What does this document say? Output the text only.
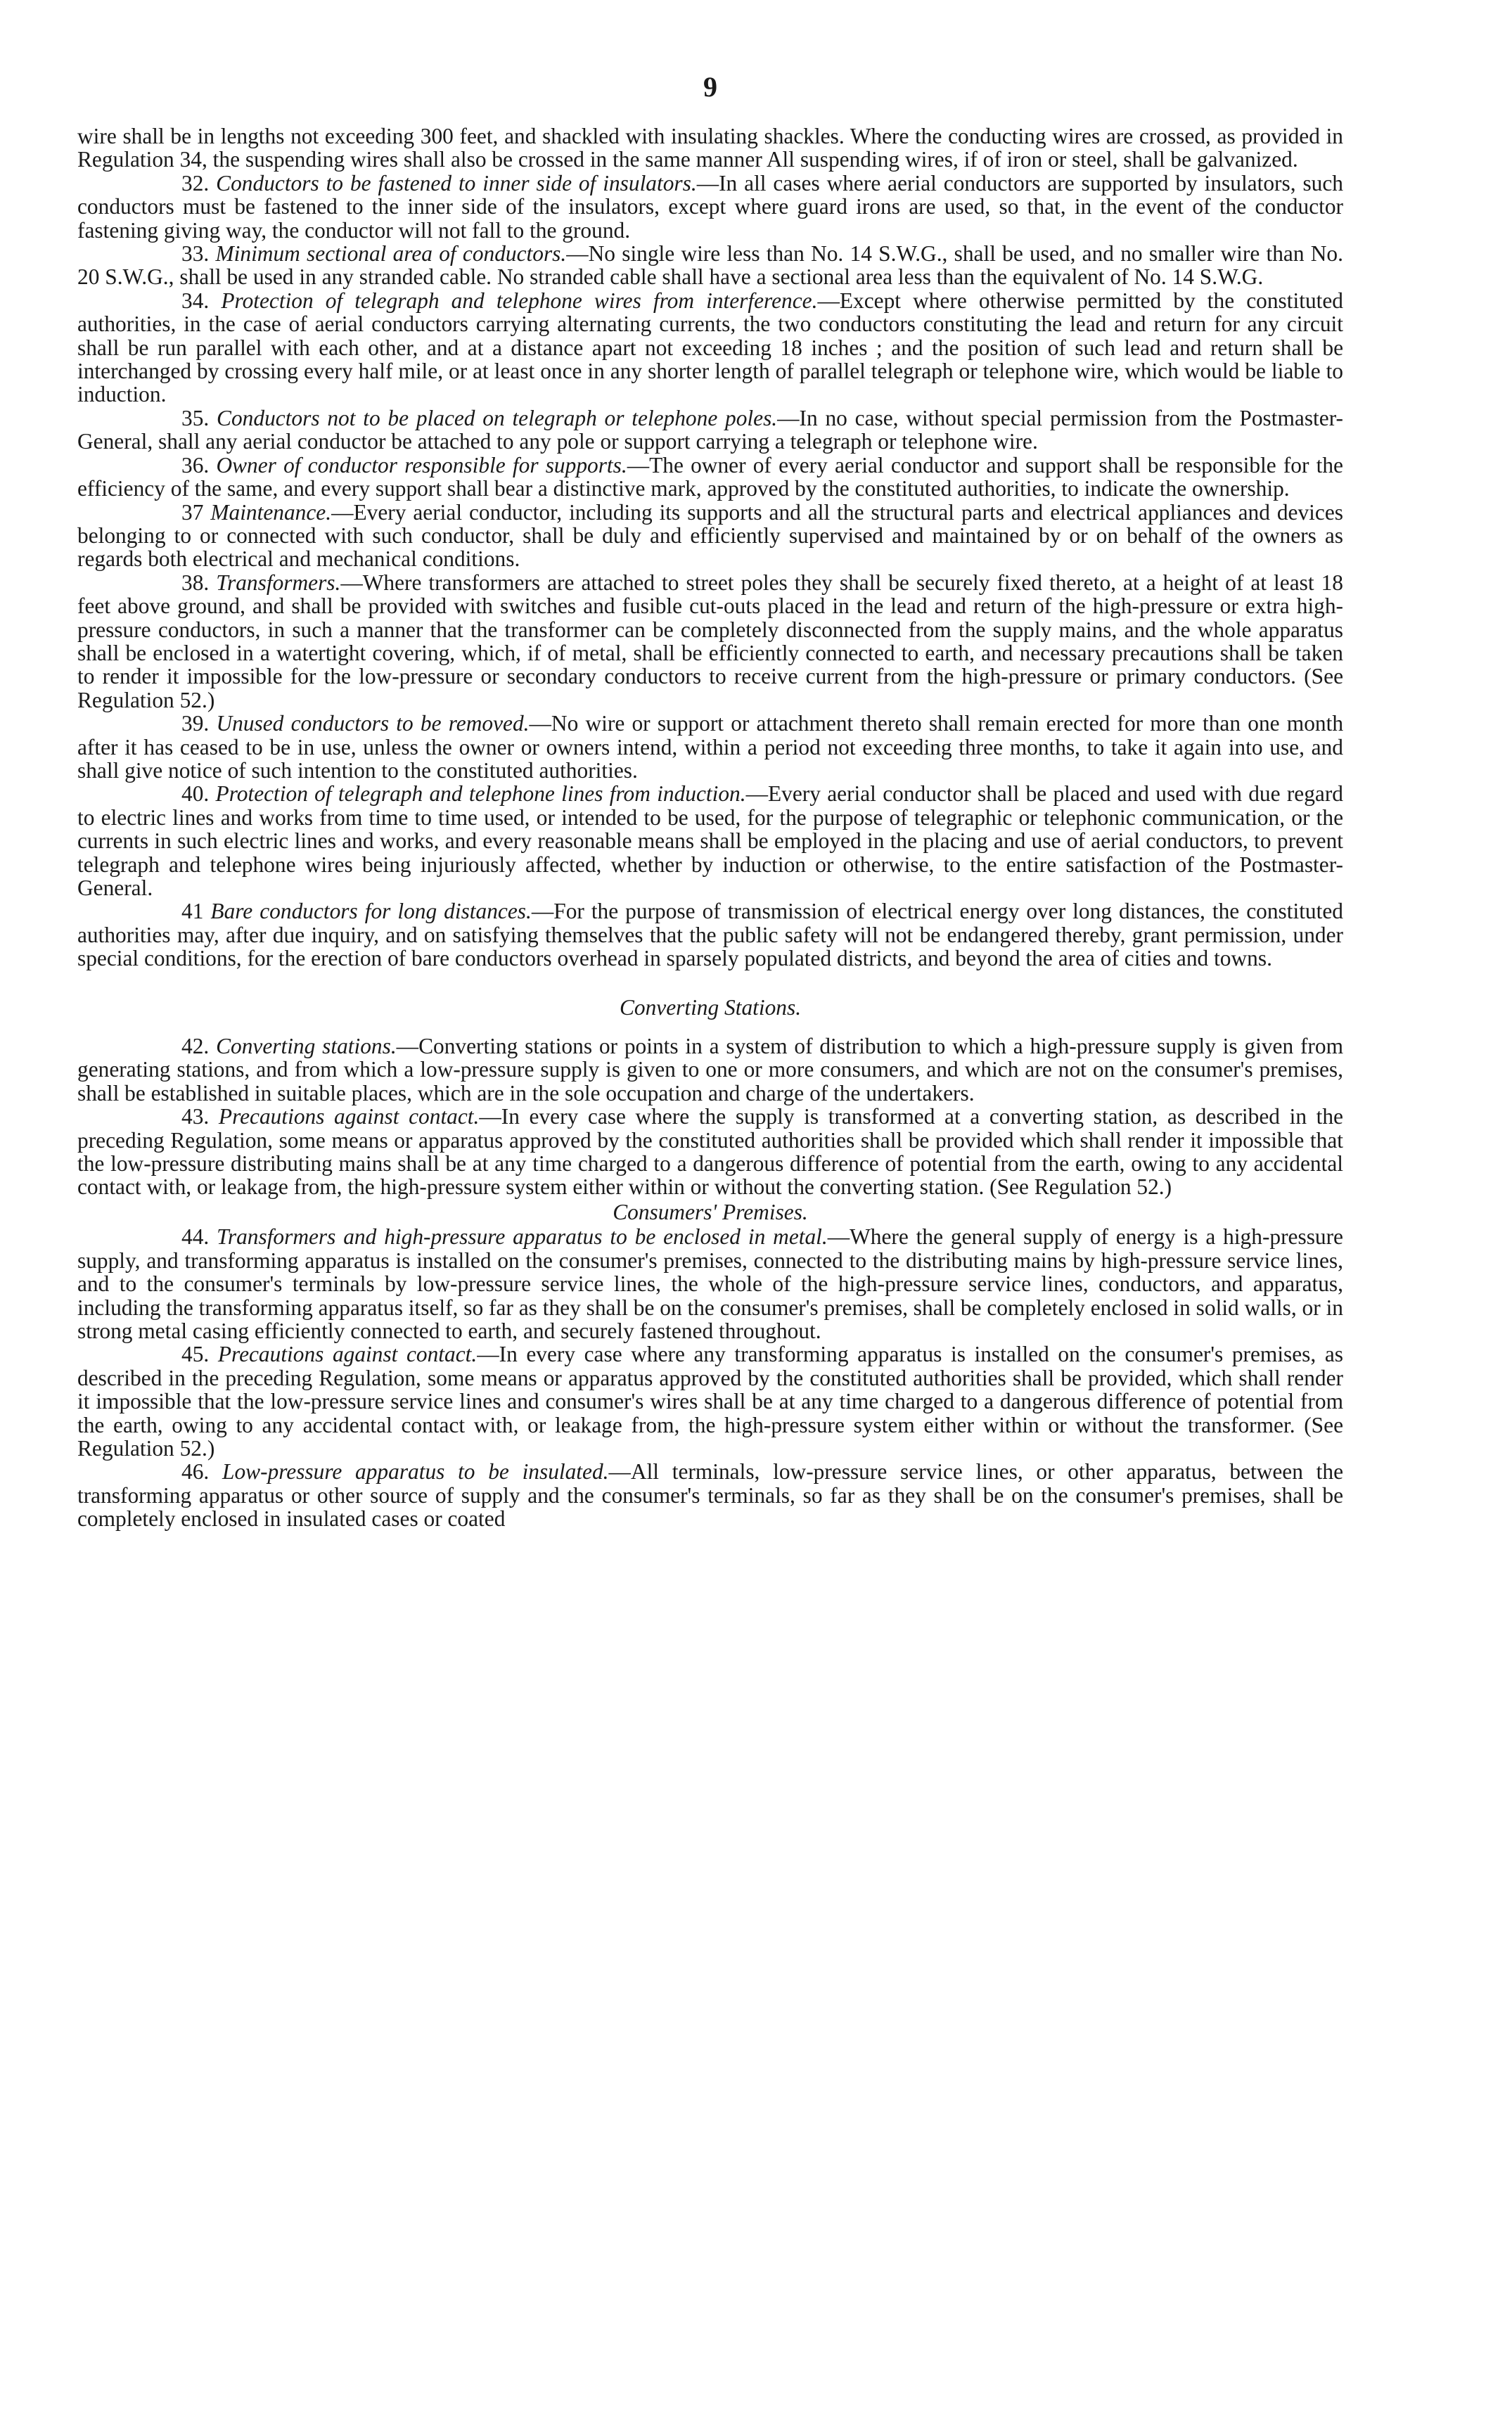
9

wire shall be in lengths not exceeding 300 feet, and shackled with insulating shackles. Where the conducting wires are crossed, as provided in Regulation 34, the suspending wires shall also be crossed in the same manner All suspending wires, if of iron or steel, shall be galvanized.

32. Conductors to be fastened to inner side of insulators.—In all cases where aerial conductors are supported by insulators, such conductors must be fastened to the inner side of the insulators, except where guard irons are used, so that, in the event of the conductor fastening giving way, the conductor will not fall to the ground.

33. Minimum sectional area of conductors.—No single wire less than No. 14 S.W.G., shall be used, and no smaller wire than No. 20 S.W.G., shall be used in any stranded cable. No stranded cable shall have a sectional area less than the equivalent of No. 14 S.W.G.

34. Protection of telegraph and telephone wires from interference.—Except where otherwise permitted by the constituted authorities, in the case of aerial conductors carrying alternating currents, the two conductors constituting the lead and return for any circuit shall be run parallel with each other, and at a distance apart not exceeding 18 inches ; and the position of such lead and return shall be interchanged by crossing every half mile, or at least once in any shorter length of parallel telegraph or telephone wire, which would be liable to induction.

35. Conductors not to be placed on telegraph or telephone poles.—In no case, without special permission from the Postmaster-General, shall any aerial conductor be attached to any pole or support carrying a telegraph or telephone wire.

36. Owner of conductor responsible for supports.—The owner of every aerial conductor and support shall be responsible for the efficiency of the same, and every support shall bear a distinctive mark, approved by the constituted authorities, to indicate the ownership.

37 Maintenance.—Every aerial conductor, including its supports and all the structural parts and electrical appliances and devices belonging to or connected with such conductor, shall be duly and efficiently supervised and maintained by or on behalf of the owners as regards both electrical and mechanical conditions.

38. Transformers.—Where transformers are attached to street poles they shall be securely fixed thereto, at a height of at least 18 feet above ground, and shall be provided with switches and fusible cut-outs placed in the lead and return of the high-pressure or extra high-pressure conductors, in such a manner that the transformer can be completely disconnected from the supply mains, and the whole apparatus shall be enclosed in a watertight covering, which, if of metal, shall be efficiently connected to earth, and necessary precautions shall be taken to render it impossible for the low-pressure or secondary conductors to receive current from the high-pressure or primary conductors. (See Regulation 52.)

39. Unused conductors to be removed.—No wire or support or attachment thereto shall remain erected for more than one month after it has ceased to be in use, unless the owner or owners intend, within a period not exceeding three months, to take it again into use, and shall give notice of such intention to the constituted authorities.

40. Protection of telegraph and telephone lines from induction.—Every aerial conductor shall be placed and used with due regard to electric lines and works from time to time used, or intended to be used, for the purpose of telegraphic or telephonic communication, or the currents in such electric lines and works, and every reasonable means shall be employed in the placing and use of aerial conductors, to prevent telegraph and telephone wires being injuriously affected, whether by induction or otherwise, to the entire satisfaction of the Postmaster-General.

41 Bare conductors for long distances.—For the purpose of transmission of electrical energy over long distances, the constituted authorities may, after due inquiry, and on satisfying themselves that the public safety will not be endangered thereby, grant permission, under special conditions, for the erection of bare conductors overhead in sparsely populated districts, and beyond the area of cities and towns.

Converting Stations.

42. Converting stations.—Converting stations or points in a system of distribution to which a high-pressure supply is given from generating stations, and from which a low-pressure supply is given to one or more consumers, and which are not on the consumer's premises, shall be established in suitable places, which are in the sole occupation and charge of the undertakers.

43. Precautions against contact.—In every case where the supply is transformed at a converting station, as described in the preceding Regulation, some means or apparatus approved by the constituted authorities shall be provided which shall render it impossible that the low-pressure distributing mains shall be at any time charged to a dangerous difference of potential from the earth, owing to any accidental contact with, or leakage from, the high-pressure system either within or without the converting station. (See Regulation 52.)

Consumers' Premises.

44. Transformers and high-pressure apparatus to be enclosed in metal.—Where the general supply of energy is a high-pressure supply, and transforming apparatus is installed on the consumer's premises, connected to the distributing mains by high-pressure service lines, and to the consumer's terminals by low-pressure service lines, the whole of the high-pressure service lines, conductors, and apparatus, including the transforming apparatus itself, so far as they shall be on the consumer's premises, shall be completely enclosed in solid walls, or in strong metal casing efficiently connected to earth, and securely fastened throughout.

45. Precautions against contact.—In every case where any transforming apparatus is installed on the consumer's premises, as described in the preceding Regulation, some means or apparatus approved by the constituted authorities shall be provided, which shall render it impossible that the low-pressure service lines and consumer's wires shall be at any time charged to a dangerous difference of potential from the earth, owing to any accidental contact with, or leakage from, the high-pressure system either within or without the transformer. (See Regulation 52.)

46. Low-pressure apparatus to be insulated.—All terminals, low-pressure service lines, or other apparatus, between the transforming apparatus or other source of supply and the consumer's terminals, so far as they shall be on the consumer's premises, shall be completely enclosed in insulated cases or coated
